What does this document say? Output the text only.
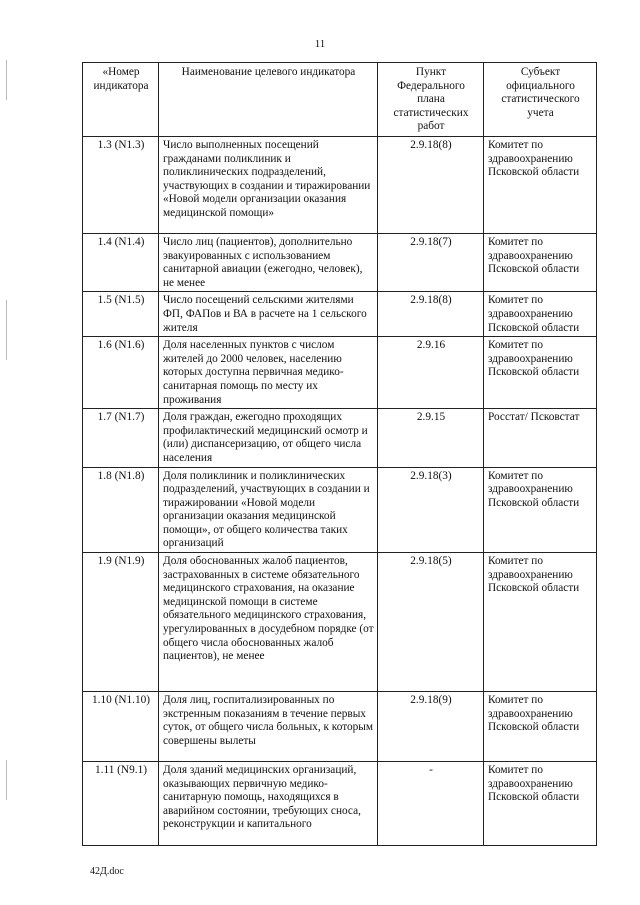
11
«Номер индикатора	Наименование целевого индикатора	Пункт Федерального плана статистических работ	Субъект официального статистического учета
1.3 (N1.3)	Число выполненных посещений гражданами поликлиник и поликлинических подразделений, участвующих в создании и тиражировании «Новой модели организации оказания медицинской помощи»	2.9.18(8)	Комитет по здравоохранению Псковской области
1.4 (N1.4)	Число лиц (пациентов), дополнительно эвакуированных с использованием санитарной авиации (ежегодно, человек), не менее	2.9.18(7)	Комитет по здравоохранению Псковской области
1.5 (N1.5)	Число посещений сельскими жителями ФП, ФАПов и ВА в расчете на 1 сельского жителя	2.9.18(8)	Комитет по здравоохранению Псковской области
1.6 (N1.6)	Доля населенных пунктов с числом жителей до 2000 человек, населению которых доступна первичная медико-санитарная помощь по месту их проживания	2.9.16	Комитет по здравоохранению Псковской области
1.7 (N1.7)	Доля граждан, ежегодно проходящих профилактический медицинский осмотр и (или) диспансеризацию, от общего числа населения	2.9.15	Росстат/ Псковстат
1.8 (N1.8)	Доля поликлиник и поликлинических подразделений, участвующих в создании и тиражировании «Новой модели организации оказания медицинской помощи», от общего количества таких организаций	2.9.18(3)	Комитет по здравоохранению Псковской области
1.9 (N1.9)	Доля обоснованных жалоб пациентов, застрахованных в системе обязательного медицинского страхования, на оказание медицинской помощи в системе обязательного медицинского страхования, урегулированных в досудебном порядке (от общего числа обоснованных жалоб пациентов), не менее	2.9.18(5)	Комитет по здравоохранению Псковской области
1.10 (N1.10)	Доля лиц, госпитализированных по экстренным показаниям в течение первых суток, от общего числа больных, к которым совершены вылеты	2.9.18(9)	Комитет по здравоохранению Псковской области
1.11 (N9.1)	Доля зданий медицинских организаций, оказывающих первичную медико-санитарную помощь, находящихся в аварийном состоянии, требующих сноса, реконструкции и капитального	-	Комитет по здравоохранению Псковской области
42Д.doc
